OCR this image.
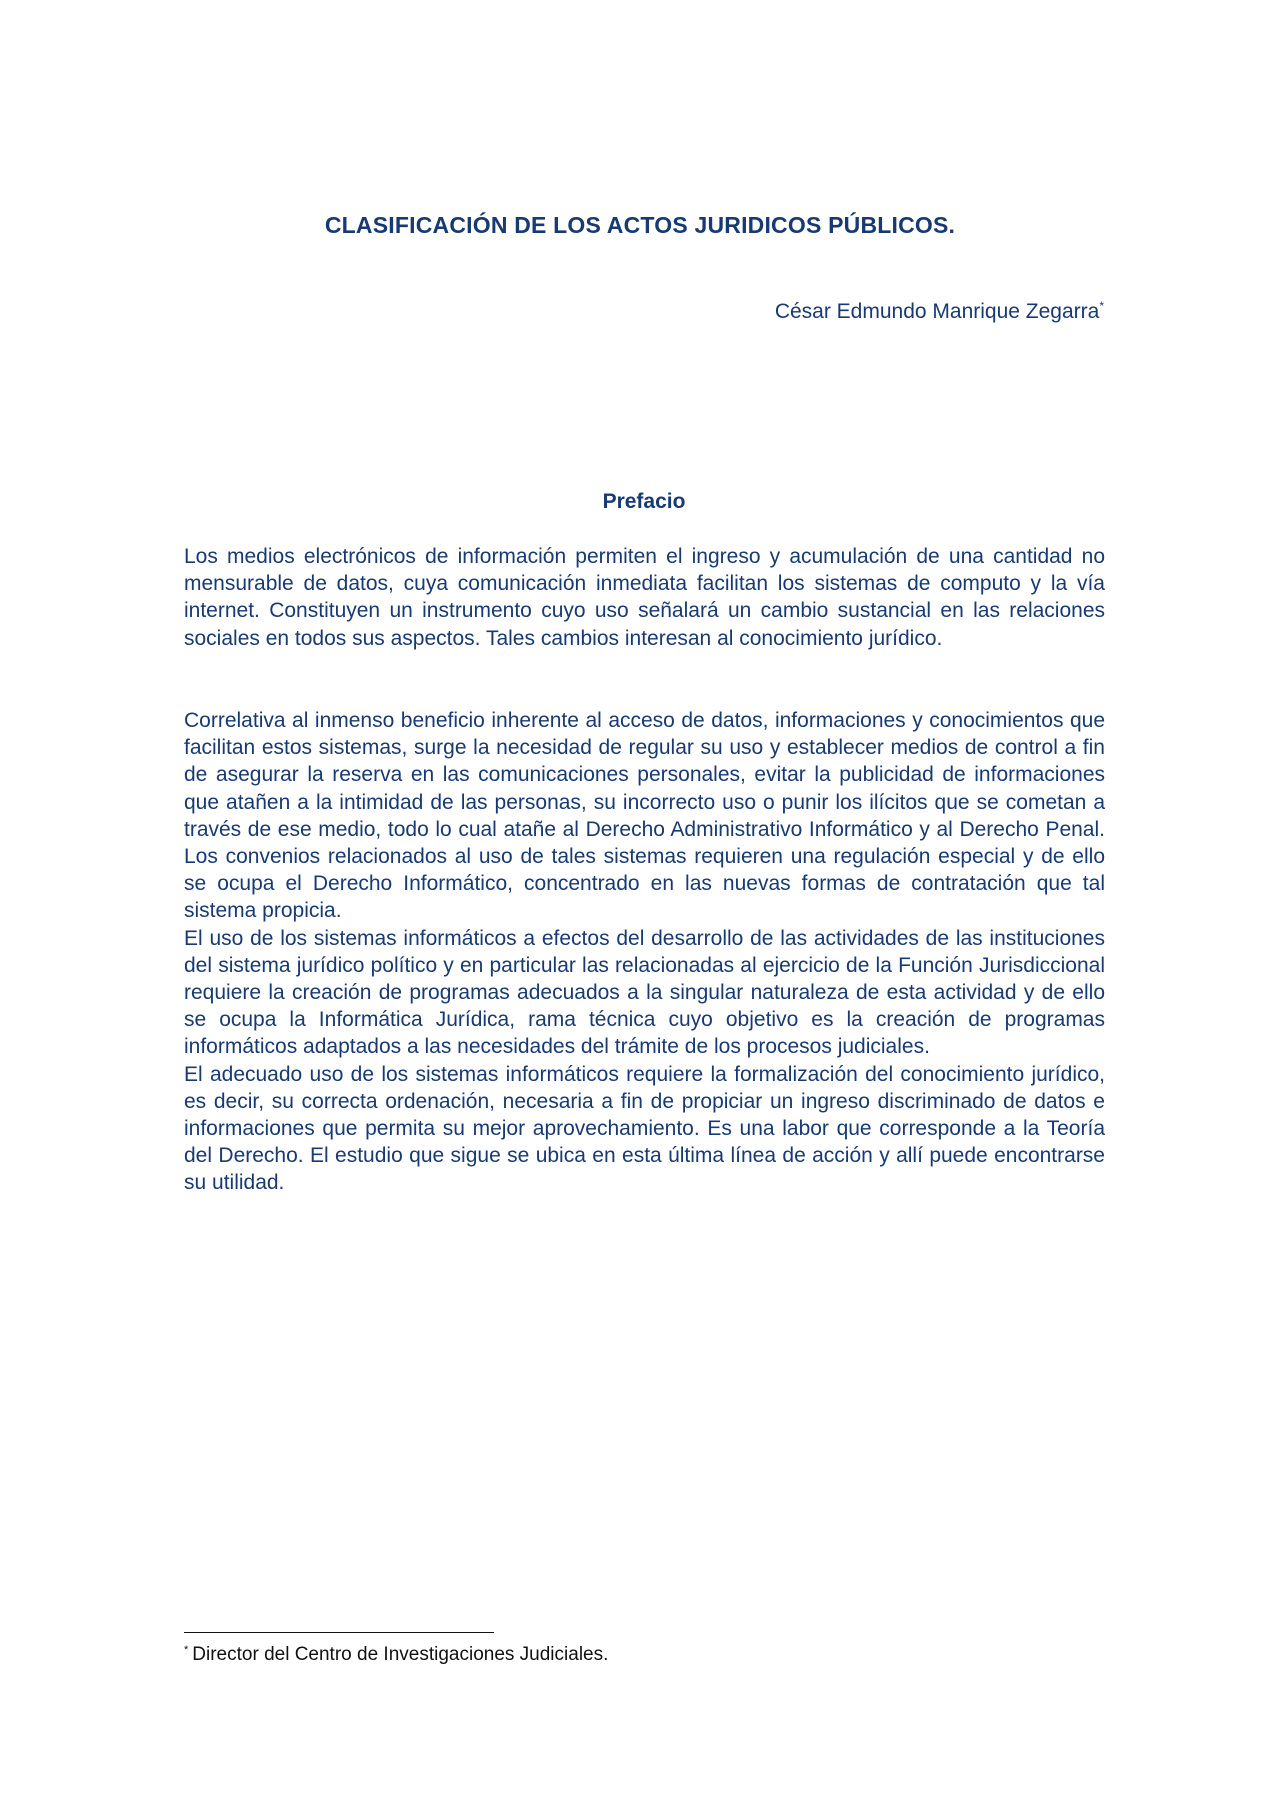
CLASIFICACIÓN DE LOS ACTOS JURIDICOS PÚBLICOS.
César Edmundo Manrique Zegarra*
Prefacio

Los medios electrónicos de información permiten el ingreso y acumulación de una cantidad no mensurable de datos, cuya comunicación inmediata facilitan los sistemas de computo y la vía internet. Constituyen un instrumento cuyo uso señalará un cambio sustancial en las relaciones sociales en todos sus aspectos. Tales cambios interesan al conocimiento jurídico.

Correlativa al inmenso beneficio inherente al acceso de datos, informaciones y conocimientos que facilitan estos sistemas, surge la necesidad de regular su uso y establecer medios de control a fin de asegurar la reserva en las comunicaciones personales, evitar la publicidad de informaciones que atañen a la intimidad de las personas, su incorrecto uso o punir los ilícitos que se cometan a través de ese medio, todo lo cual atañe al Derecho Administrativo Informático y al Derecho Penal. Los convenios relacionados al uso de tales sistemas requieren una regulación especial y de ello se ocupa el Derecho Informático, concentrado en las nuevas formas de contratación que tal sistema propicia.

El uso de los sistemas informáticos a efectos del desarrollo de las actividades de las instituciones del sistema jurídico político y en particular las relacionadas al ejercicio de la Función Jurisdiccional requiere la creación de programas adecuados a la singular naturaleza de esta actividad y de ello se ocupa la Informática Jurídica, rama técnica cuyo objetivo es la creación de programas informáticos adaptados a las necesidades del trámite de los procesos judiciales.

El adecuado uso de los sistemas informáticos requiere la formalización del conocimiento jurídico, es decir, su correcta ordenación, necesaria a fin de propiciar un ingreso discriminado de datos e informaciones que permita su mejor aprovechamiento. Es una labor que corresponde a la Teoría del Derecho. El estudio que sigue se ubica en esta última línea de acción y allí puede encontrarse su utilidad.

* Director del Centro de Investigaciones Judiciales.
